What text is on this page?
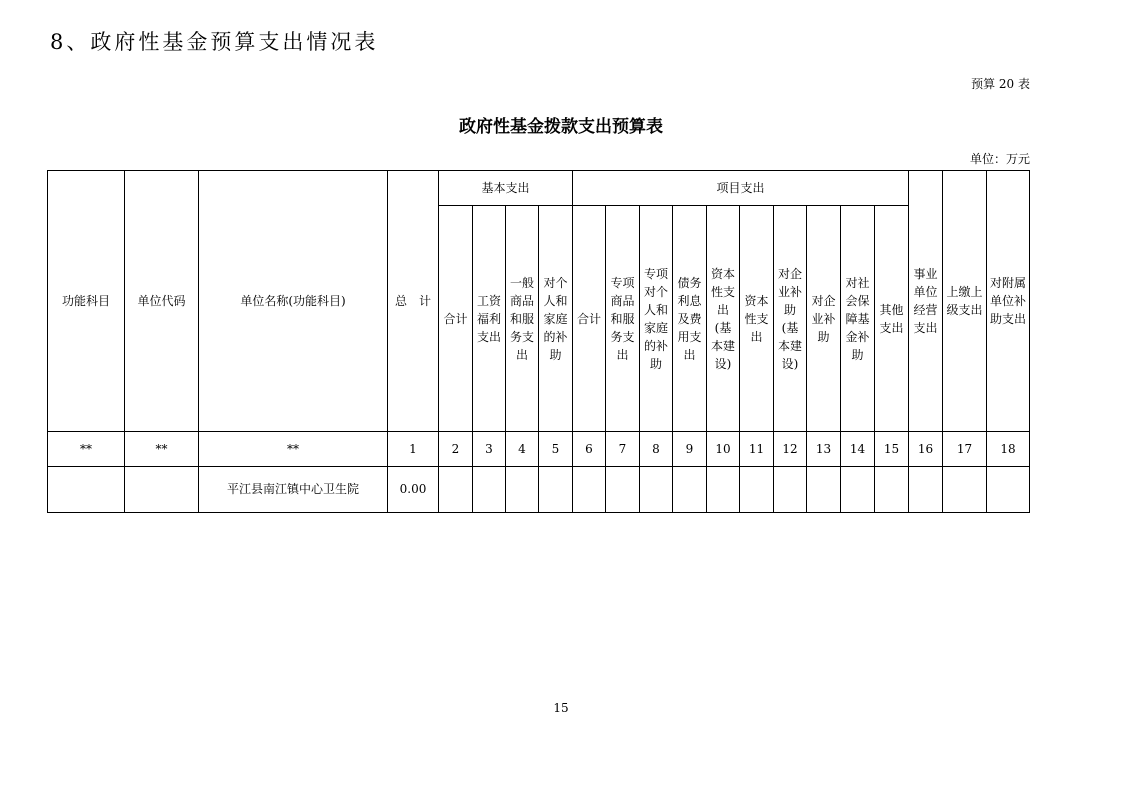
8、政府性基金预算支出情况表
预算 20 表
政府性基金拨款支出预算表
单位：万元
功能科目	单位代码	单位名称(功能科目)	总　计	基本支出				项目支出										事业单位经营支出	上缴上级支出	对附属单位补助支出
				合计	工资福利支出	一般商品和服务支出	对个人和家庭的补助	合计	专项商品和服务支出	专项对个人和家庭的补助	债务利息及费用支出	资本性支出(基本建设)	资本性支出	对企业补助(基本建设)	对企业补助	对社会保障基金补助	其他支出			
**	**	**	1	2	3	4	5	6	7	8	9	10	11	12	13	14	15	16	17	18
		平江县南江镇中心卫生院	0.00																	
15
